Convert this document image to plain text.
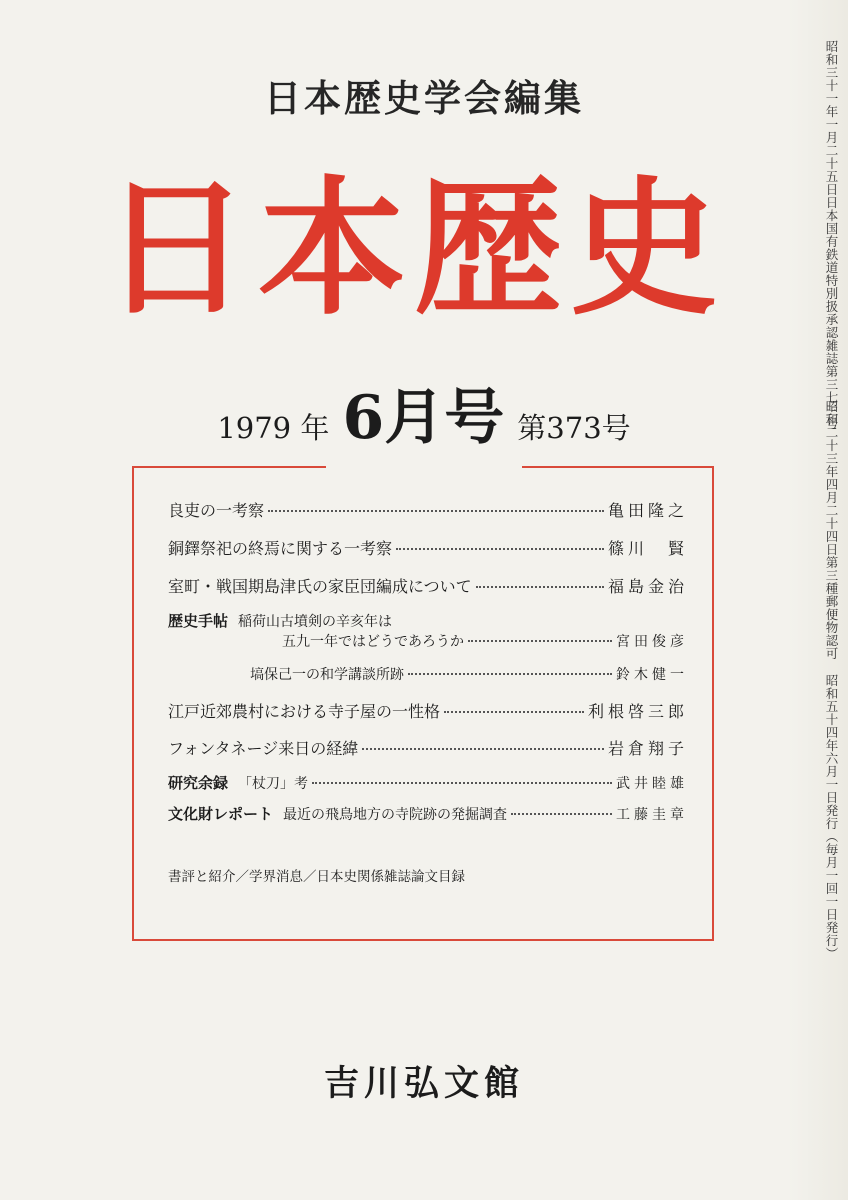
日本歴史学会編集
日本歴史
1979 年 6月号 第373号
良吏の一考察	亀田隆之
銅鐸祭祀の終焉に関する一考察	篠川　賢
室町・戦国期島津氏の家臣団編成について	福島金治
歴史手帖 稲荷山古墳剣の辛亥年は
五九一年ではどうであろうか	宮田俊彦
塙保己一の和学講談所跡	鈴木健一
江戸近郊農村における寺子屋の一性格	利根啓三郎
フォンタネージ来日の経緯	岩倉翔子
研究余録 「杖刀」考	武井睦雄
文化財レポート 最近の飛鳥地方の寺院跡の発掘調査	工藤圭章
書評と紹介／学界消息／日本史関係雑誌論文目録
吉川弘文館
昭和三十一年一月二十五日日本国有鉄道特別扱承認雑誌第三七三号
昭和二十三年四月二十四日第三種郵便物認可
昭和五十四年六月一日発行（毎月一回一日発行）
